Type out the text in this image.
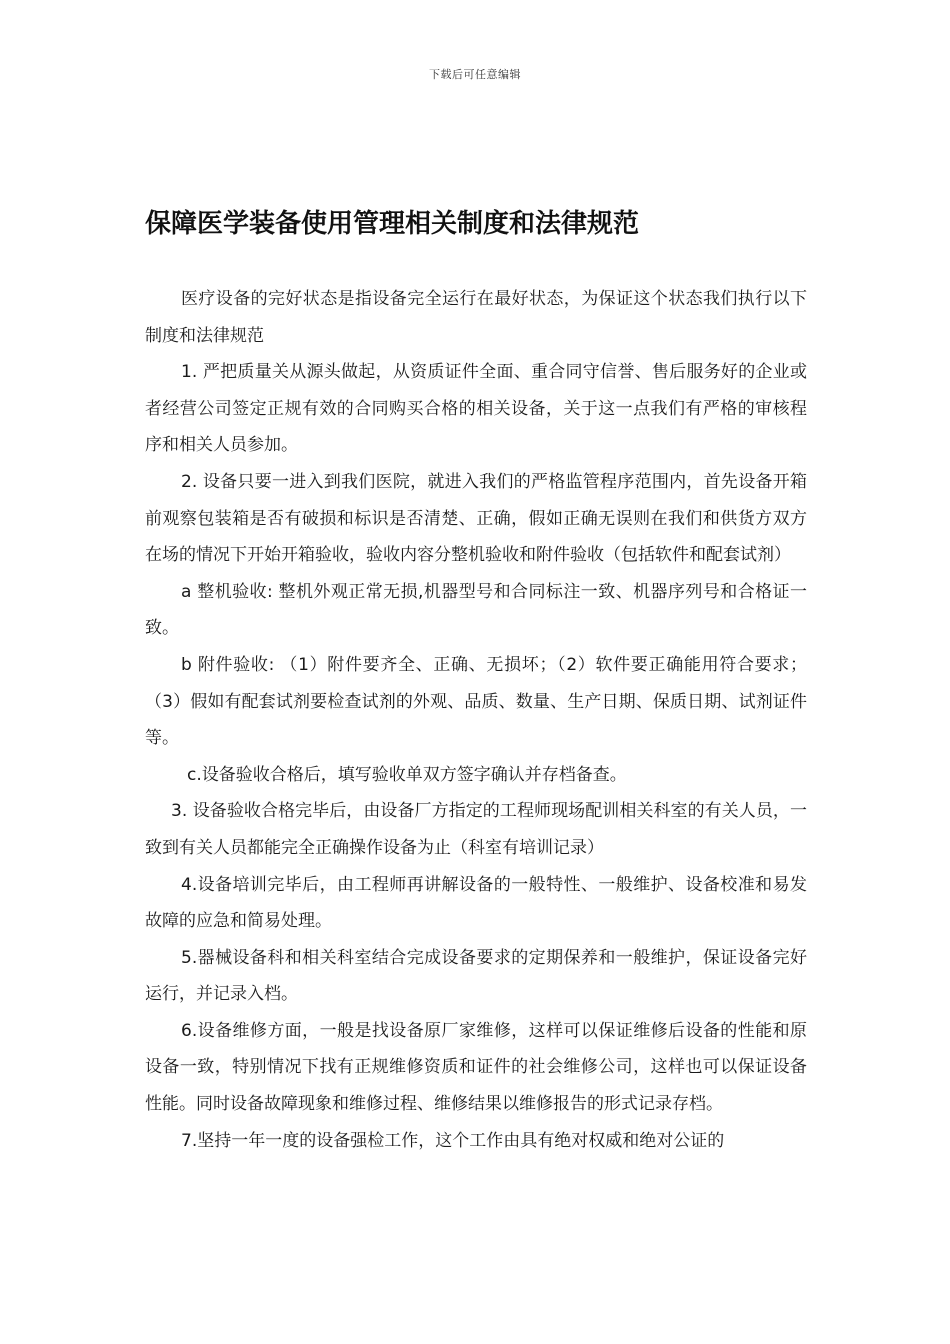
下载后可任意编辑
保障医学装备使用管理相关制度和法律规范

医疗设备的完好状态是指设备完全运行在最好状态，为保证这个状态我们执行以下制度和法律规范

1. 严把质量关从源头做起，从资质证件全面、重合同守信誉、售后服务好的企业或者经营公司签定正规有效的合同购买合格的相关设备，关于这一点我们有严格的审核程序和相关人员参加。

2. 设备只要一进入到我们医院，就进入我们的严格监管程序范围内，首先设备开箱前观察包装箱是否有破损和标识是否清楚、正确，假如正确无误则在我们和供货方双方在场的情况下开始开箱验收，验收内容分整机验收和附件验收（包括软件和配套试剂）

a 整机验收: 整机外观正常无损,机器型号和合同标注一致、机器序列号和合格证一致。

b 附件验收: （1）附件要齐全、正确、无损坏；（2）软件要正确能用符合要求；（3）假如有配套试剂要检查试剂的外观、品质、数量、生产日期、保质日期、试剂证件等。

c.设备验收合格后，填写验收单双方签字确认并存档备查。

3. 设备验收合格完毕后，由设备厂方指定的工程师现场配训相关科室的有关人员，一致到有关人员都能完全正确操作设备为止（科室有培训记录）

4.设备培训完毕后，由工程师再讲解设备的一般特性、一般维护、设备校准和易发故障的应急和简易处理。

5.器械设备科和相关科室结合完成设备要求的定期保养和一般维护，保证设备完好运行，并记录入档。

6.设备维修方面，一般是找设备原厂家维修，这样可以保证维修后设备的性能和原设备一致，特别情况下找有正规维修资质和证件的社会维修公司，这样也可以保证设备性能。同时设备故障现象和维修过程、维修结果以维修报告的形式记录存档。

7.坚持一年一度的设备强检工作，这个工作由具有绝对权威和绝对公证的
